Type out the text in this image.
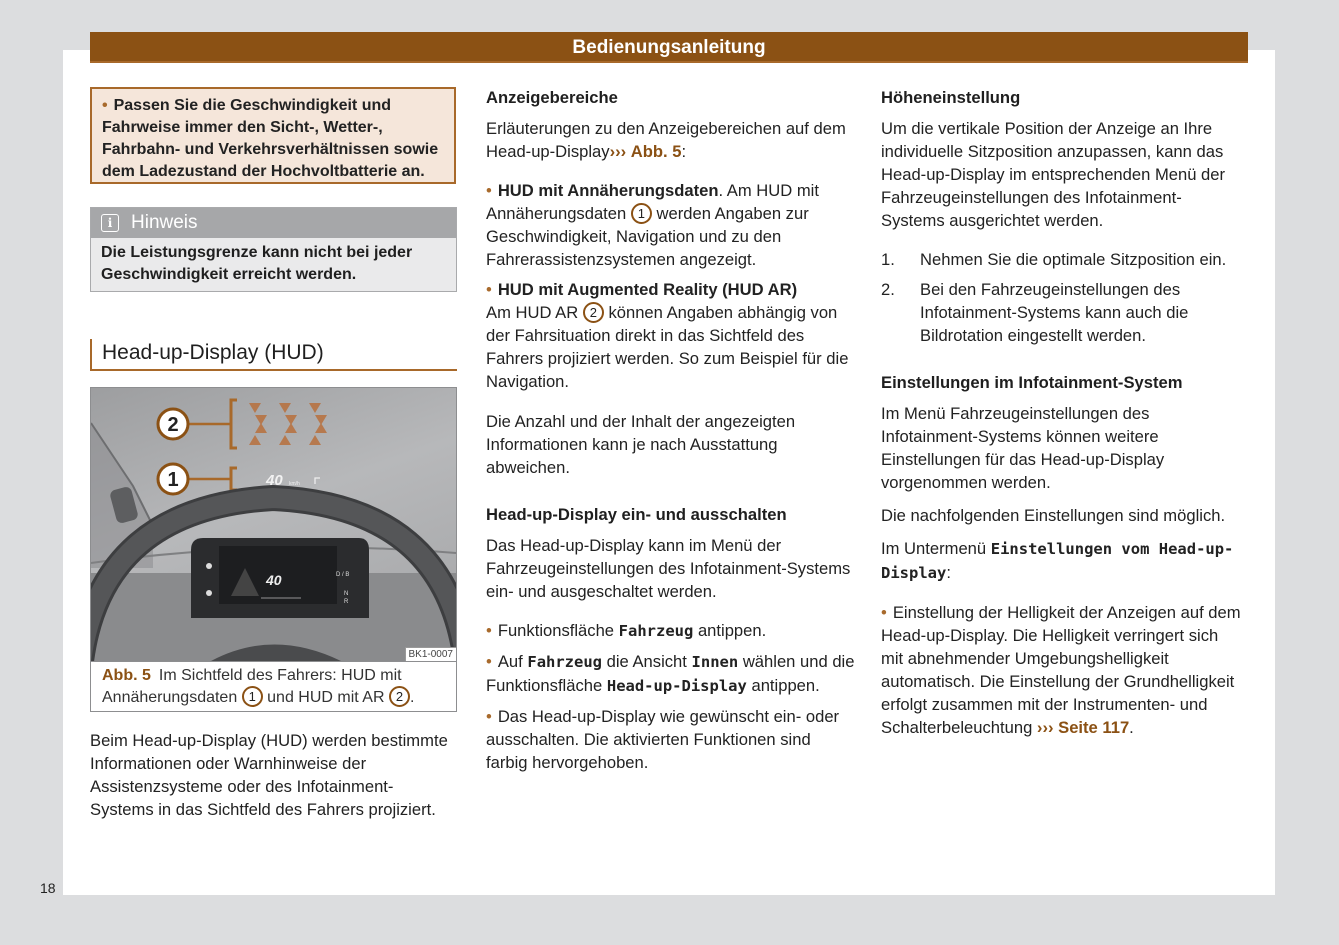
Bedienungsanleitung
• Passen Sie die Geschwindigkeit und Fahrweise immer den Sicht-, Wetter-, Fahrbahn- und Verkehrsverhältnissen sowie dem Ladezustand der Hochvoltbatterie an.
i Hinweis
Die Leistungsgrenze kann nicht bei jeder Geschwindigkeit erreicht werden.
Head-up-Display (HUD)
2
1	40 km/h
40	D / B
N
R
BK1-0007
Abb. 5 Im Sichtfeld des Fahrers: HUD mit Annäherungsdaten 1 und HUD mit AR 2 .
Beim Head-up-Display (HUD) werden bestimmte Informationen oder Warnhinweise der Assistenzsysteme oder des Infotainment-Systems in das Sichtfeld des Fahrers projiziert.
Anzeigebereiche
Erläuterungen zu den Anzeigebereichen auf dem Head-up-Display››› Abb. 5:
• HUD mit Annäherungsdaten. Am HUD mit Annäherungsdaten 1 werden Angaben zur Geschwindigkeit, Navigation und zu den Fahrerassistenzsystemen angezeigt.
• HUD mit Augmented Reality (HUD AR)
Am HUD AR 2 können Angaben abhängig von der Fahrsituation direkt in das Sichtfeld des Fahrers projiziert werden. So zum Beispiel für die Navigation.
Die Anzahl und der Inhalt der angezeigten Informationen kann je nach Ausstattung abweichen.
Head-up-Display ein- und ausschalten
Das Head-up-Display kann im Menü der Fahrzeugeinstellungen des Infotainment-Systems ein- und ausgeschaltet werden.
• Funktionsfläche Fahrzeug antippen.
• Auf Fahrzeug die Ansicht Innen wählen und die Funktionsfläche Head-up-Display antippen.
• Das Head-up-Display wie gewünscht ein- oder ausschalten. Die aktivierten Funktionen sind farbig hervorgehoben.
Höheneinstellung
Um die vertikale Position der Anzeige an Ihre individuelle Sitzposition anzupassen, kann das Head-up-Display im entsprechenden Menü der Fahrzeugeinstellungen des Infotainment-Systems ausgerichtet werden.
1.	Nehmen Sie die optimale Sitzposition ein.
2.	Bei den Fahrzeugeinstellungen des Infotainment-Systems kann auch die Bildrotation eingestellt werden.
Einstellungen im Infotainment-System
Im Menü Fahrzeugeinstellungen des Infotainment-Systems können weitere Einstellungen für das Head-up-Display vorgenommen werden.
Die nachfolgenden Einstellungen sind möglich.
Im Untermenü Einstellungen vom Head-up-Display:
• Einstellung der Helligkeit der Anzeigen auf dem Head-up-Display. Die Helligkeit verringert sich mit abnehmender Umgebungshelligkeit automatisch. Die Einstellung der Grundhelligkeit erfolgt zusammen mit der Instrumenten- und Schalterbeleuchtung ››› Seite 117.
18
